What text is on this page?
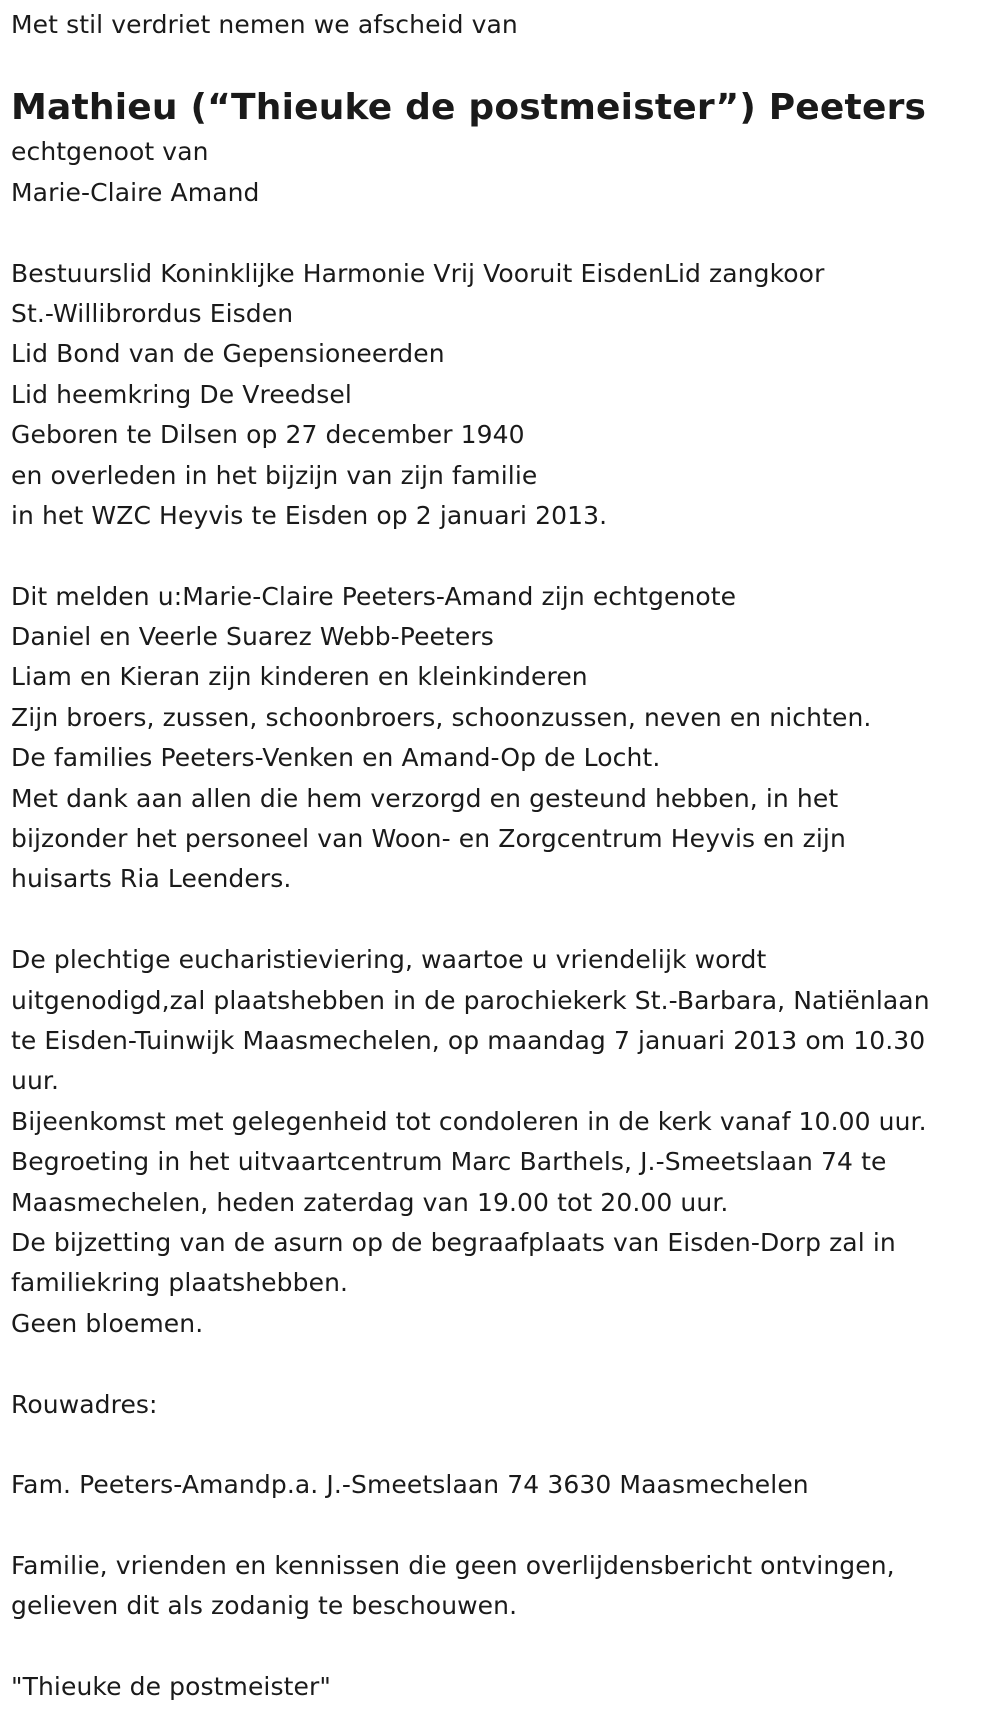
Met stil verdriet nemen we afscheid van
Mathieu (“Thieuke de postmeister”) Peeters
echtgenoot van
Marie-Claire Amand
Bestuurslid Koninklijke Harmonie Vrij Vooruit EisdenLid zangkoor
St.-Willibrordus Eisden
Lid Bond van de Gepensioneerden
Lid heemkring De Vreedsel
Geboren te Dilsen op 27 december 1940
en overleden in het bijzijn van zijn familie
in het WZC Heyvis te Eisden op 2 januari 2013.
Dit melden u:Marie-Claire Peeters-Amand zijn echtgenote
Daniel en Veerle Suarez Webb-Peeters
Liam en Kieran zijn kinderen en kleinkinderen
Zijn broers, zussen, schoonbroers, schoonzussen, neven en nichten.
De families Peeters-Venken en Amand-Op de Locht.
Met dank aan allen die hem verzorgd en gesteund hebben, in het
bijzonder het personeel van Woon- en Zorgcentrum Heyvis en zijn
huisarts Ria Leenders.
De plechtige eucharistieviering, waartoe u vriendelijk wordt
uitgenodigd,zal plaatshebben in de parochiekerk St.-Barbara, Natiënlaan
te Eisden-Tuinwijk Maasmechelen, op maandag 7 januari 2013 om 10.30
uur.
Bijeenkomst met gelegenheid tot condoleren in de kerk vanaf 10.00 uur.
Begroeting in het uitvaartcentrum Marc Barthels, J.-Smeetslaan 74 te
Maasmechelen, heden zaterdag van 19.00 tot 20.00 uur.
De bijzetting van de asurn op de begraafplaats van Eisden-Dorp zal in
familiekring plaatshebben.
Geen bloemen.
Rouwadres:
Fam. Peeters-Amandp.a. J.-Smeetslaan 74 3630 Maasmechelen
Familie, vrienden en kennissen die geen overlijdensbericht ontvingen,
gelieven dit als zodanig te beschouwen.
"Thieuke de postmeister"
